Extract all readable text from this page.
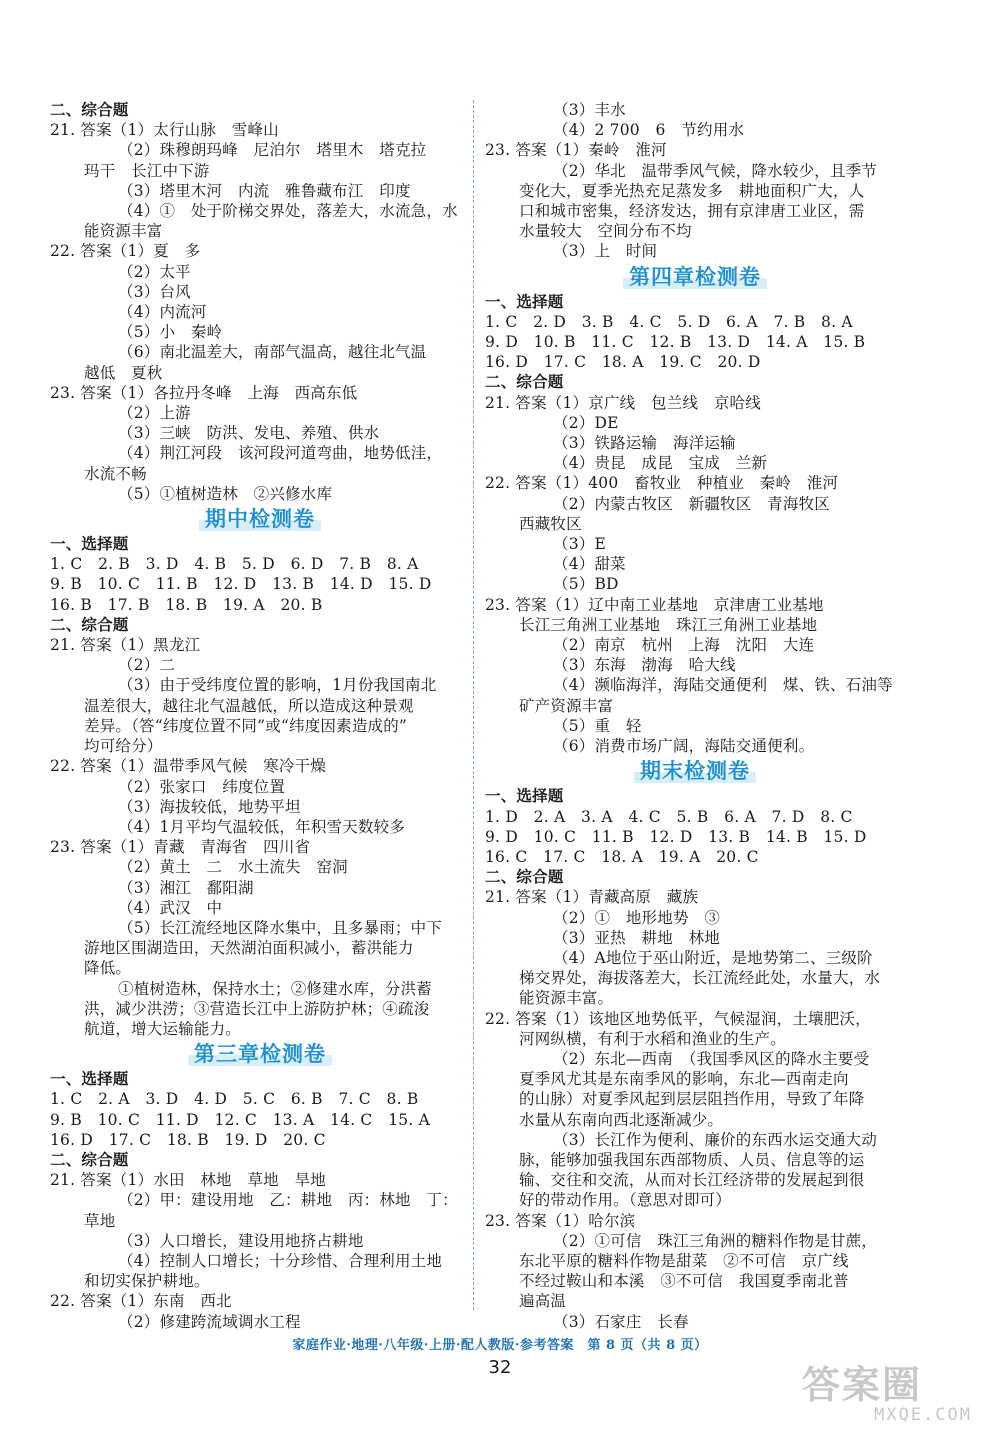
二、综合题
21. 答案（1）太行山脉　雪峰山
（2）珠穆朗玛峰　尼泊尔　塔里木　塔克拉
玛干　长江中下游
（3）塔里木河　内流　雅鲁藏布江　印度
（4）①　处于阶梯交界处，落差大，水流急，水
能资源丰富
22. 答案（1）夏　多
（2）太平
（3）台风
（4）内流河
（5）小　秦岭
（6）南北温差大，南部气温高，越往北气温
越低　夏秋
23. 答案（1）各拉丹冬峰　上海　西高东低
（2）上游
（3）三峡　防洪、发电、养殖、供水
（4）荆江河段　该河段河道弯曲，地势低洼，
水流不畅
（5）①植树造林　②兴修水库
期中检测卷
一、选择题
1. C　2. B　3. D　4. B　5. D　6. D　7. B　8. A
9. B　10. C　11. B　12. D　13. B　14. D　15. D
16. B　17. B　18. B　19. A　20. B
二、综合题
21. 答案（1）黑龙江
（2）二
（3）由于受纬度位置的影响，1月份我国南北
温差很大，越往北气温越低，所以造成这种景观
差异。（答“纬度位置不同”或“纬度因素造成的”
均可给分）
22. 答案（1）温带季风气候　寒冷干燥
（2）张家口　纬度位置
（3）海拔较低，地势平坦
（4）1月平均气温较低，年积雪天数较多
23. 答案（1）青藏　青海省　四川省
（2）黄土　二　水土流失　窑洞
（3）湘江　鄱阳湖
（4）武汉　中
（5）长江流经地区降水集中，且多暴雨；中下
游地区围湖造田，天然湖泊面积减小，蓄洪能力
降低。
①植树造林，保持水土；②修建水库，分洪蓄
洪，减少洪涝；③营造长江中上游防护林；④疏浚
航道，增大运输能力。
第三章检测卷
一、选择题
1. C　2. A　3. D　4. D　5. C　6. B　7. C　8. B
9. B　10. C　11. D　12. C　13. A　14. C　15. A
16. D　17. C　18. B　19. D　20. C
二、综合题
21. 答案（1）水田　林地　草地　旱地
（2）甲：建设用地　乙：耕地　丙：林地　丁：
草地
（3）人口增长，建设用地挤占耕地
（4）控制人口增长；十分珍惜、合理利用土地
和切实保护耕地。
22. 答案（1）东南　西北
（2）修建跨流域调水工程
（3）丰水
（4）2 700　6　节约用水
23. 答案（1）秦岭　淮河
（2）华北　温带季风气候，降水较少，且季节
变化大，夏季光热充足蒸发多　耕地面积广大，人
口和城市密集，经济发达，拥有京津唐工业区，需
水量较大　空间分布不均
（3）上　时间
第四章检测卷
一、选择题
1. C　2. D　3. B　4. C　5. D　6. A　7. B　8. A
9. D　10. B　11. C　12. B　13. D　14. A　15. B
16. D　17. C　18. A　19. C　20. D
二、综合题
21. 答案（1）京广线　包兰线　京哈线
（2）DE
（3）铁路运输　海洋运输
（4）贵昆　成昆　宝成　兰新
22. 答案（1）400　畜牧业　种植业　秦岭　淮河
（2）内蒙古牧区　新疆牧区　青海牧区
西藏牧区
（3）E
（4）甜菜
（5）BD
23. 答案（1）辽中南工业基地　京津唐工业基地
长江三角洲工业基地　珠江三角洲工业基地
（2）南京　杭州　上海　沈阳　大连
（3）东海　渤海　哈大线
（4）濒临海洋，海陆交通便利　煤、铁、石油等
矿产资源丰富
（5）重　轻
（6）消费市场广阔，海陆交通便利。
期末检测卷
一、选择题
1. D　2. A　3. A　4. C　5. B　6. A　7. D　8. C
9. D　10. C　11. B　12. D　13. B　14. B　15. D
16. C　17. C　18. A　19. A　20. C
二、综合题
21. 答案（1）青藏高原　藏族
（2）①　地形地势　③
（3）亚热　耕地　林地
（4）A地位于巫山附近，是地势第二、三级阶
梯交界处，海拔落差大，长江流经此处，水量大，水
能资源丰富。
22. 答案（1）该地区地势低平，气候湿润，土壤肥沃，
河网纵横，有利于水稻和渔业的生产。
（2）东北—西南　（我国季风区的降水主要受
夏季风尤其是东南季风的影响，东北—西南走向
的山脉）对夏季风起到层层阻挡作用，导致了年降
水量从东南向西北逐渐减少。
（3）长江作为便利、廉价的东西水运交通大动
脉，能够加强我国东西部物质、人员、信息等的运
输、交往和交流，从而对长江经济带的发展起到很
好的带动作用。（意思对即可）
23. 答案（1）哈尔滨
（2）①可信　珠江三角洲的糖料作物是甘蔗，
东北平原的糖料作物是甜菜　②不可信　京广线
不经过鞍山和本溪　③不可信　我国夏季南北普
遍高温
（3）石家庄　长春
家庭作业·地理·八年级·上册·配人教版·参考答案　第 8 页（共 8 页）
32	答案圈
MXQE.COM
